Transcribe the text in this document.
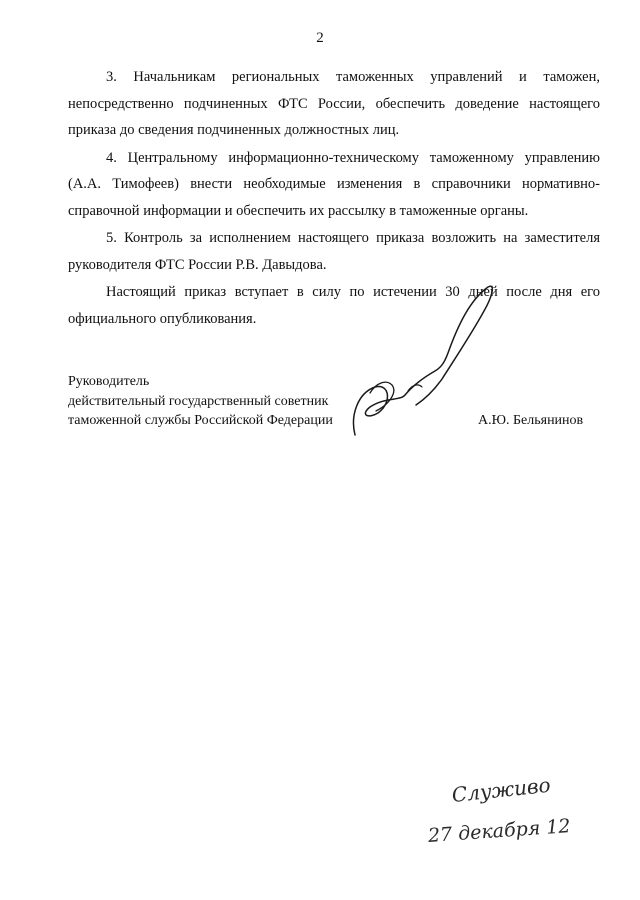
2

3. Начальникам региональных таможенных управлений и таможен, непосредственно подчиненных ФТС России, обеспечить доведение настоящего приказа до сведения подчиненных должностных лиц.

4. Центральному информационно-техническому таможенному управлению (А.А. Тимофеев) внести необходимые изменения в справочники нормативно-справочной информации и обеспечить их рассылку в таможенные органы.

5. Контроль за исполнением настоящего приказа возложить на заместителя руководителя ФТС России Р.В. Давыдова.

Настоящий приказ вступает в силу по истечении 30 дней после дня его официального опубликования.

Руководитель
действительный государственный советник
таможенной службы Российской Федерации	А.Ю. Бельянинов
Служиво
27 декабря 12
